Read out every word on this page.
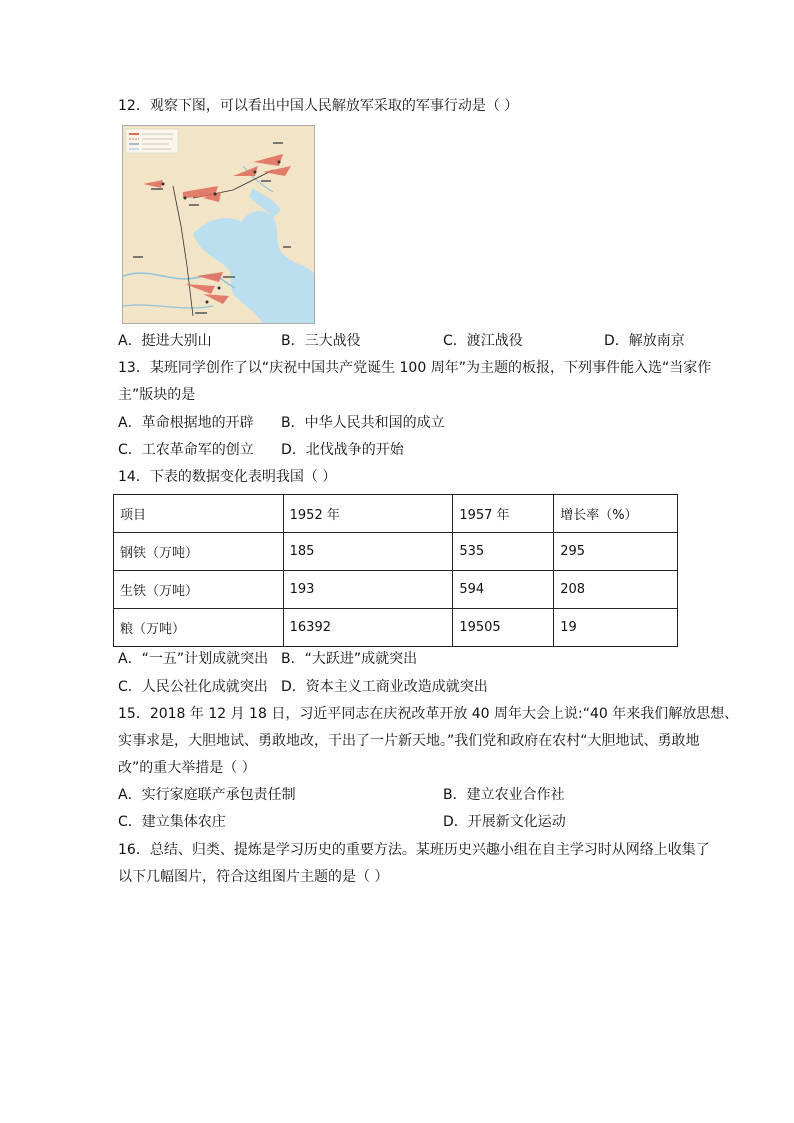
12．观察下图，可以看出中国人民解放军采取的军事行动是（ ）
A．挺进大别山	B．三大战役	C．渡江战役	D．解放南京
13．某班同学创作了以“庆祝中国共产党诞生 100 周年”为主题的板报，下列事件能入选“当家作
主”版块的是
A．革命根据地的开辟 B．中华人民共和国的成立
C．工农革命军的创立 D．北伐战争的开始
14．下表的数据变化表明我国（ ）
项目	1952 年	1957 年	增长率（%）
钢铁（万吨）	185	535	295
生铁（万吨）	193	594	208
粮（万吨）	16392	19505	19
A．“一五”计划成就突出 B．“大跃进”成就突出
C．人民公社化成就突出 D．资本主义工商业改造成就突出
15．2018 年 12 月 18 日，习近平同志在庆祝改革开放 40 周年大会上说:“40 年来我们解放思想、
实事求是，大胆地试、勇敢地改，干出了一片新天地。”我们党和政府在农村“大胆地试、勇敢地
改”的重大举措是（ ）
A．实行家庭联产承包责任制	B．建立农业合作社
C．建立集体农庄	D．开展新文化运动
16．总结、归类、提炼是学习历史的重要方法。某班历史兴趣小组在自主学习时从网络上收集了
以下几幅图片，符合这组图片主题的是（ ）
